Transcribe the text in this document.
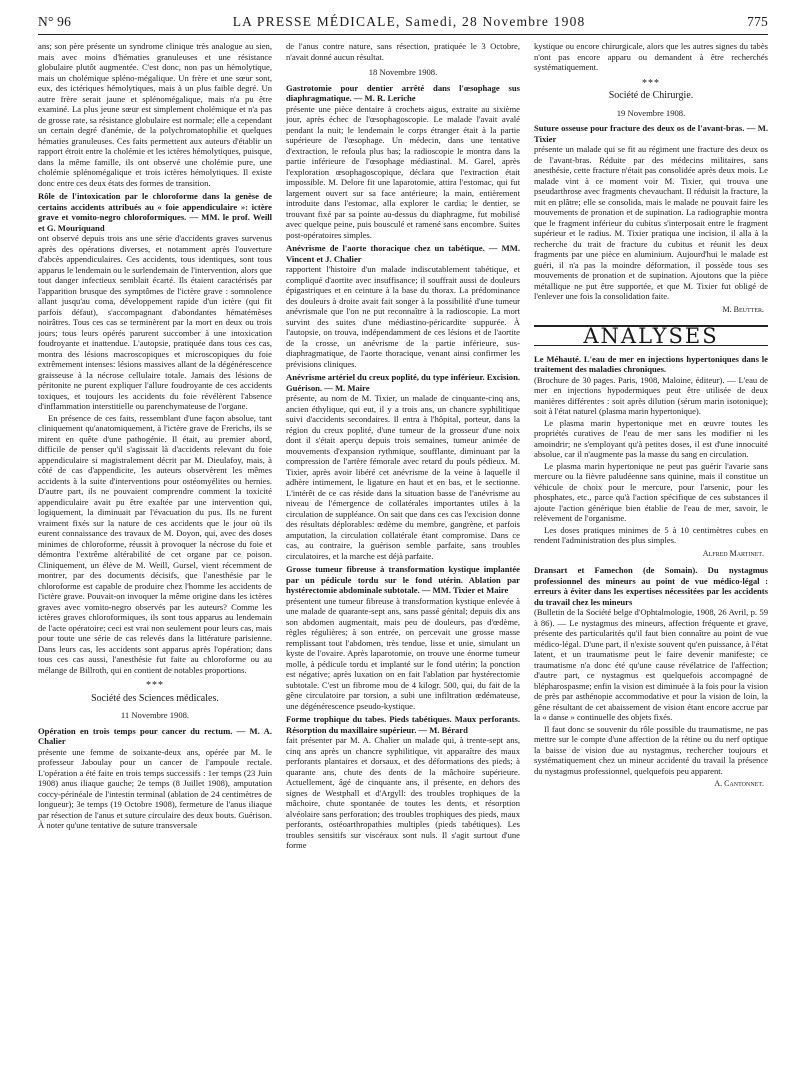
N° 96	LA PRESSE MÉDICALE, Samedi, 28 Novembre 1908	775

ans; son père présente un syndrome clinique très analogue au sien, mais avec moins d'hématies granuleuses et une résistance globulaire plutôt augmentée. C'est donc, non pas un hémolytique, mais un cholémique spléno-mégalique. Un frère et une sœur sont, eux, des ictériques hémolytiques, mais à un plus faible degré. Un autre frère serait jaune et splénomégalique, mais n'a pu être examiné. La plus jeune sœur est simplement cholémique et n'a pas de grosse rate, sa résistance globulaire est normale; elle a cependant un certain degré d'anémie, de la polychromatophilie et quelques hématies granuleuses. Ces faits permettent aux auteurs d'établir un rapport étroit entre la cholémie et les ictères hémolytiques, puisque, dans la même famille, ils ont observé une cholémie pure, une cholémie splénomégalique et trois ictères hémolytiques. Il existe donc entre ces deux états des formes de transition.

Rôle de l'intoxication par le chloroforme dans la genèse de certains accidents attribués au « foie appendiculaire »: ictère grave et vomito-negro chloroformiques. — MM. le prof. Weill et G. Mouriquand
ont observé depuis trois ans une série d'accidents graves survenus après des opérations diverses, et notamment après l'ouverture d'abcès appendiculaires. Ces accidents, tous identiques, sont tous apparus le lendemain ou le surlendemain de l'intervention, alors que tout danger infectieux semblait écarté. Ils étaient caractérisés par l'apparition brusque des symptômes de l'ictère grave : somnolence allant jusqu'au coma, développement rapide d'un ictère (qui fit parfois défaut), s'accompagnant d'abondantes hématémèses noirâtres. Tous ces cas se terminèrent par la mort en deux ou trois jours; tous leurs opérés parurent succomber à une intoxication foudroyante et inattendue. L'autopsie, pratiquée dans tous ces cas, montra des lésions macroscopiques et microscopiques du foie extrêmement intenses: lésions massives allant de la dégénérescence graisseuse à la nécrose cellulaire totale. Jamais des lésions de péritonite ne purent expliquer l'allure foudroyante de ces accidents toxiques, et toujours les accidents du foie révélèrent l'absence d'inflammation interstitielle ou parenchymateuse de l'organe.

En présence de ces faits, ressemblant d'une façon absolue, tant cliniquement qu'anatomiquement, à l'ictère grave de Frerichs, ils se mirent en quête d'une pathogénie. Il était, au premier abord, difficile de penser qu'il s'agissait là d'accidents relevant du foie appendiculaire si magistralement décrit par M. Dieulafoy, mais, à côté de cas d'appendicite, les auteurs observèrent les mêmes accidents à la suite d'interventions pour ostéomyélites ou hernies. D'autre part, ils ne pouvaient comprendre comment la toxicité appendiculaire avait pu être exaltée par une intervention qui, logiquement, la diminuait par l'évacuation du pus. Ils ne furent vraiment fixés sur la nature de ces accidents que le jour où ils eurent connaissance des travaux de M. Doyon, qui, avec des doses minimes de chloroforme, réussit à provoquer la nécrose du foie et démontra l'extrême altérabilité de cet organe par ce poison. Cliniquement, un élève de M. Weill, Gursel, vient récemment de montrer, par des documents décisifs, que l'anesthésie par le chloroforme est capable de produire chez l'homme les accidents de l'ictère grave. Pouvait-on invoquer la même origine dans les ictères graves avec vomito-negro observés par les auteurs? Comme les ictères graves chloroformiques, ils sont tous apparus au lendemain de l'acte opératoire; ceci est vrai non seulement pour leurs cas, mais pour toute une série de cas relevés dans la littérature parisienne. Dans leurs cas, les accidents sont apparus après l'opération; dans tous ces cas aussi, l'anesthésie fut faite au chloroforme ou au mélange de Billroth, qui en contient de notables proportions.

***
Société des Sciences médicales.
11 Novembre 1908.

Opération en trois temps pour cancer du rectum. — M. A. Chalier
présente une femme de soixante-deux ans, opérée par M. le professeur Jaboulay pour un cancer de l'ampoule rectale. L'opération a été faite en trois temps successifs : 1er temps (23 Juin 1908) anus iliaque gauche; 2e temps (8 Juillet 1908), amputation coccy-périnéale de l'intestin terminal (ablation de 24 centimètres de longueur); 3e temps (19 Octobre 1908), fermeture de l'anus iliaque par résection de l'anus et suture circulaire des deux bouts. Guérison. À noter qu'une tentative de suture transversale

de l'anus contre nature, sans résection, pratiquée le 3 Octobre, n'avait donné aucun résultat.

18 Novembre 1908.

Gastrotomie pour dentier arrêté dans l'œsophage sus diaphragmatique. — M. R. Leriche
présente une pièce dentaire à crochets aigus, extraite au sixième jour, après échec de l'œsophagoscopie. Le malade l'avait avalé pendant la nuit; le lendemain le corps étranger était à la partie supérieure de l'œsophage. Un médecin, dans une tentative d'extraction, le refoula plus bas; la radioscopie le montra dans la partie inférieure de l'œsophage médiastinal. M. Garel, après l'exploration œsophagoscopique, déclara que l'extraction était impossible. M. Delore fit une laparotomie, attira l'estomac, qui fut largement ouvert sur sa face antérieure; la main, entièrement introduite dans l'estomac, alla explorer le cardia; le dentier, se trouvant fixé par sa pointe au-dessus du diaphragme, fut mobilisé avec quelque peine, puis bousculé et ramené sans encombre. Suites post-opératoires simples.

Anévrisme de l'aorte thoracique chez un tabétique. — MM. Vincent et J. Chalier
rapportent l'histoire d'un malade indiscutablement tabétique, et compliqué d'aortite avec insuffisance; il souffrait aussi de douleurs épigastriques et en ceinture à la base du thorax. La prédominance des douleurs à droite avait fait songer à la possibilité d'une tumeur anévrismale que l'on ne put reconnaître à la radioscopie. La mort survint des suites d'une médiastino-péricardite suppurée. À l'autopsie, on trouva, indépendamment de ces lésions et de l'aortite de la crosse, un anévrisme de la partie inférieure, sus-diaphragmatique, de l'aorte thoracique, venant ainsi confirmer les prévisions cliniques.

Anévrisme artériel du creux poplité, du type inférieur. Excision. Guérison. — M. Maire
présente, au nom de M. Tixier, un malade de cinquante-cinq ans, ancien éthylique, qui eut, il y a trois ans, un chancre syphilitique suivi d'accidents secondaires. Il entra à l'hôpital, porteur, dans la région du creux poplité, d'une tumeur de la grosseur d'une noix dont il s'était aperçu depuis trois semaines, tumeur animée de mouvements d'expansion rythmique, soufflante, diminuant par la compression de l'artère fémorale avec retard du pouls pédieux. M. Tixier, après avoir libéré cet anévrisme de la veine à laquelle il adhère intimement, le ligature en haut et en bas, et le sectionne. L'intérêt de ce cas réside dans la situation basse de l'anévrisme au niveau de l'émergence de collatérales importantes utiles à la circulation de suppléance. On sait que dans ces cas l'excision donne des résultats déplorables: œdème du membre, gangrène, et parfois amputation, la circulation collatérale étant compromise. Dans ce cas, au contraire, la guérison semble parfaite, sans troubles circulatoires, et la marche est déjà parfaite.

Grosse tumeur fibreuse à transformation kystique implantée par un pédicule tordu sur le fond utérin. Ablation par hystérectomie abdominale subtotale. — MM. Tixier et Maire
présentent une tumeur fibreuse à transformation kystique enlevée à une malade de quarante-sept ans, sans passé génital; depuis dix ans son abdomen augmentait, mais peu de douleurs, pas d'œdème, règles régulières; à son entrée, on percevait une grosse masse remplissant tout l'abdomen, très tendue, lisse et unie, simulant un kyste de l'ovaire. Après laparotomie, on trouve une énorme tumeur molle, à pédicule tordu et implanté sur le fond utérin; la ponction est négative; après luxation on en fait l'ablation par hystérectomie subtotale. C'est un fibrome mou de 4 kilogr. 500, qui, du fait de la gêne circulatoire par torsion, a subi une infiltration œdémateuse, une dégénérescence pseudo-kystique.

Forme trophique du tabes. Pieds tabétiques. Maux perforants. Résorption du maxillaire supérieur. — M. Bérard
fait présenter par M. A. Chalier un malade qui, à trente-sept ans, cinq ans après un chancre syphilitique, vit apparaître des maux perforants plantaires et dorsaux, et des déformations des pieds; à quarante ans, chute des dents de la mâchoire supérieure. Actuellement, âgé de cinquante ans, il présente, en dehors des signes de Westphall et d'Argyll: des troubles trophiques de la mâchoire, chute spontanée de toutes les dents, et résorption alvéolaire sans perforation; des troubles trophiques des pieds, maux perforants, ostéoarthropathies multiples (pieds tabétiques). Les troubles sensitifs sur viscéraux sont nuls. Il s'agit surtout d'une forme

kystique ou encore chirurgicale, alors que les autres signes du tabès n'ont pas encore apparu ou demandent à être recherchés systématiquement.

***
Société de Chirurgie.
19 Novembre 1908.

Suture osseuse pour fracture des deux os de l'avant-bras. — M. Tixier
présente un malade qui se fit au régiment une fracture des deux os de l'avant-bras. Réduite par des médecins militaires, sans anesthésie, cette fracture n'était pas consolidée après deux mois. Le malade vint à ce moment voir M. Tixier, qui trouva une pseudarthrose avec fragments chevauchant. Il réduisit la fracture, la mit en plâtre; elle se consolida, mais le malade ne pouvait faire les mouvements de pronation et de supination. La radiographie montra que le fragment inférieur du cubitus s'interposait entre le fragment supérieur et le radius. M. Tixier pratiqua une incision, il alla à la recherche du trait de fracture du cubitus et réunit les deux fragments par une pièce en aluminium. Aujourd'hui le malade est guéri, il n'a pas la moindre déformation, il possède tous ses mouvements de pronation et de supination. Ajoutons que la pièce métallique ne put être supportée, et que M. Tixier fut obligé de l'enlever une fois la consolidation faite.

M. Beutter.
ANALYSES

Le Méhauté. L'eau de mer en injections hypertoniques dans le traitement des maladies chroniques.
(Brochure de 30 pages. Paris, 1908, Maloine, éditeur). — L'eau de mer en injections hypodermiques peut être utilisée de deux manières différentes : soit après dilution (sérum marin isotonique); soit à l'état naturel (plasma marin hypertonique).

Le plasma marin hypertonique met en œuvre toutes les propriétés curatives de l'eau de mer sans les modifier ni les amoindrir; ne s'employant qu'à petites doses, il est d'une innocuité absolue, car il n'augmente pas la masse du sang en circulation.

Le plasma marin hypertonique ne peut pas guérir l'avarie sans mercure ou la fièvre paludéenne sans quinine, mais il constitue un véhicule de choix pour le mercure, pour l'arsenic, pour les phosphates, etc., parce qu'à l'action spécifique de ces substances il ajoute l'action générique bien établie de l'eau de mer, savoir, le relèvement de l'organisme.

Les doses pratiques minimes de 5 à 10 centimètres cubes en rendent l'administration des plus simples.

Alfred Martinet.

Dransart et Famechon (de Somain). Du nystagmus professionnel des mineurs au point de vue médico-légal : erreurs à éviter dans les expertises nécessitées par les accidents du travail chez les mineurs
(Bulletin de la Société belge d'Ophtalmologie, 1908, 26 Avril, p. 59 à 86). — Le nystagmus des mineurs, affection fréquente et grave, présente des particularités qu'il faut bien connaître au point de vue médico-légal. D'une part, il n'existe souvent qu'en puissance, à l'état latent, et un traumatisme peut le faire devenir manifeste; ce traumatisme n'a donc été qu'une cause révélatrice de l'affection; d'autre part, ce nystagmus est quelquefois accompagné de blépharospasme; enfin la vision est diminuée à la fois pour la vision de près par asthénopie accommodative et pour la vision de loin, la gêne résultant de cet abaissement de vision étant encore accrue par la « danse » continuelle des objets fixés.

Il faut donc se souvenir du rôle possible du traumatisme, ne pas mettre sur le compte d'une affection de la rétine ou du nerf optique la baisse de vision due au nystagmus, rechercher toujours et systématiquement chez un mineur accidenté du travail la présence du nystagmus professionnel, quelquefois peu apparent.

A. Cantonnet.
